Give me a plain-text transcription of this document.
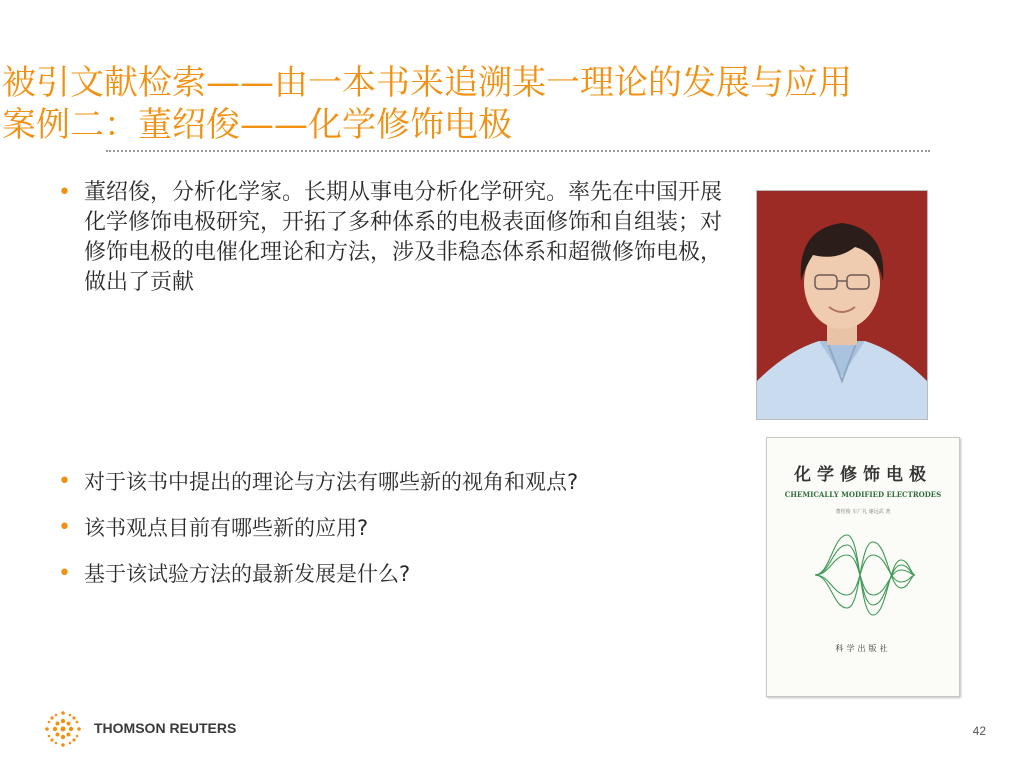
被引文献检索——由一本书来追溯某一理论的发展与应用
案例二：董绍俊——化学修饰电极
• 董绍俊，分析化学家。长期从事电分析化学研究。率先在中国开展化学修饰电极研究，开拓了多种体系的电极表面修饰和自组装；对修饰电极的电催化理论和方法，涉及非稳态体系和超微修饰电极，做出了贡献
• 对于该书中提出的理论与方法有哪些新的视角和观点?
• 该书观点目前有哪些新的应用?
• 基于该试验方法的最新发展是什么?
化学修饰电极
CHEMICALLY MODIFIED ELECTRODES
董绍俊 车广礼 谢远武 著
科学出版社
THOMSON REUTERS	42
